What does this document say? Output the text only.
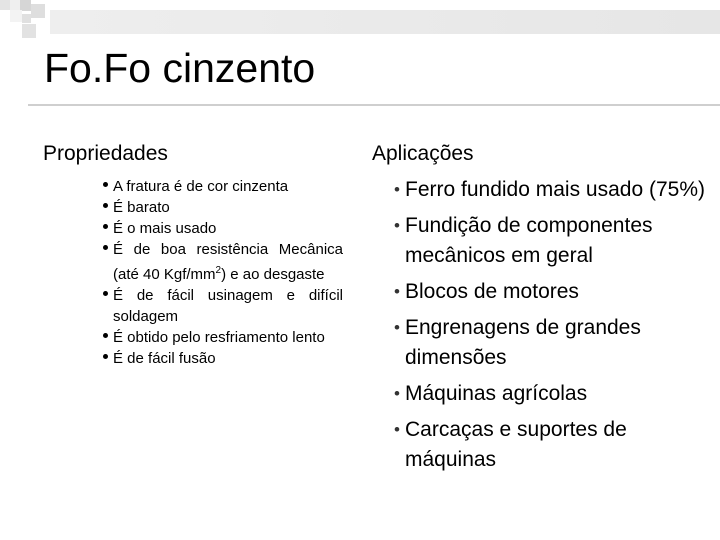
Fo.Fo cinzento
Propriedades	Aplicações
A fratura é de cor cinzenta
É barato
É o mais usado
É de boa resistência Mecânica (até 40 Kgf/$mm^2$) e ao desgaste
É de fácil usinagem e difícil soldagem
É obtido pelo resfriamento lento
É de fácil fusão
• Ferro fundido mais usado (75%)
• Fundição de componentes mecânicos em geral
• Blocos de motores
• Engrenagens de grandes dimensões
• Máquinas agrícolas
• Carcaças e suportes de máquinas
